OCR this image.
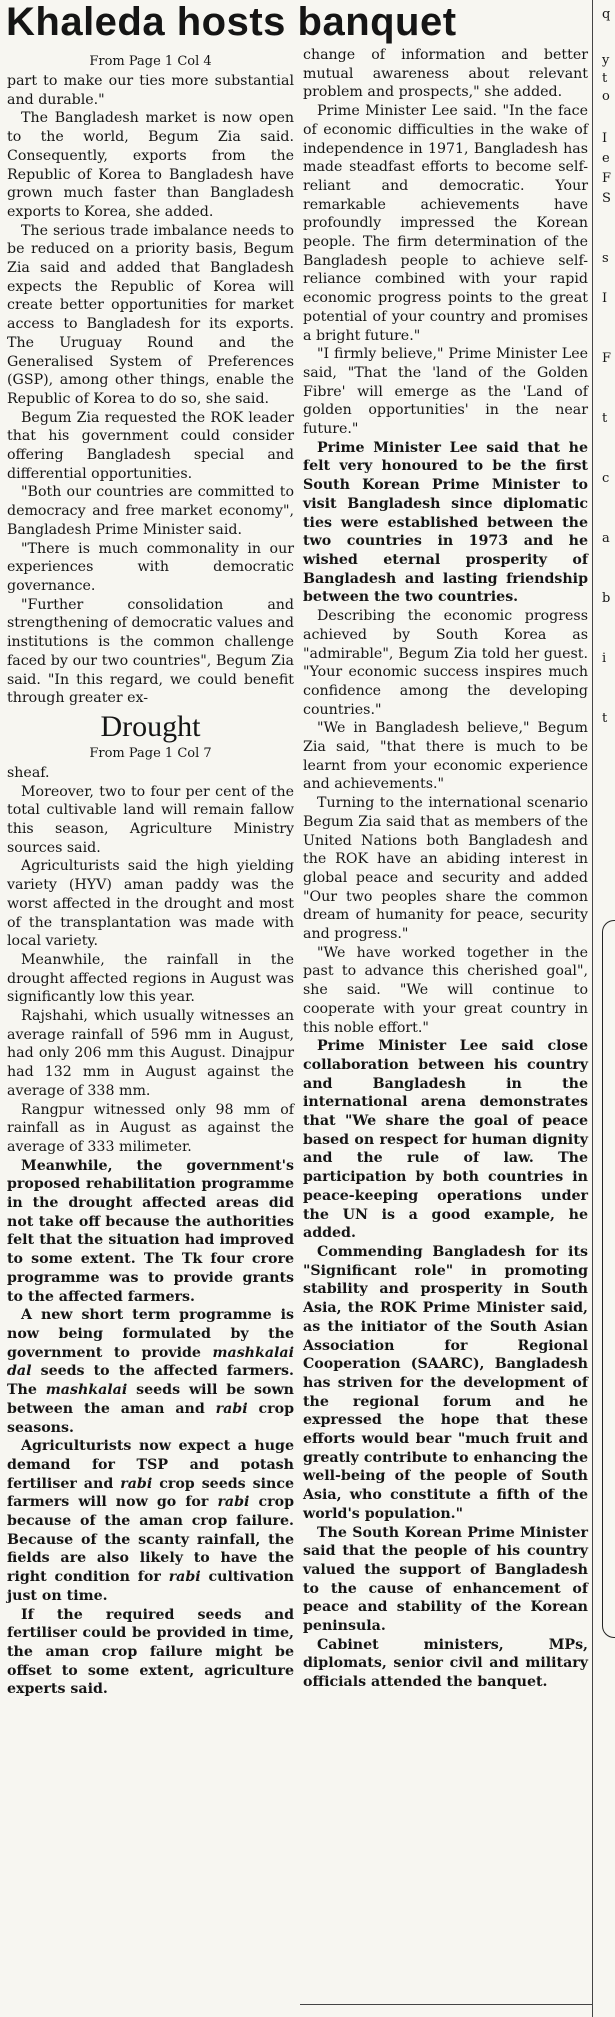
Khaleda hosts banquet

From Page 1 Col 4

part to make our ties more substantial and durable."

The Bangladesh market is now open to the world, Begum Zia said. Consequently, exports from the Republic of Korea to Bangladesh have grown much faster than Bangladesh exports to Korea, she added.

The serious trade imbalance needs to be reduced on a priority basis, Begum Zia said and added that Bangladesh expects the Republic of Korea will create better opportunities for market access to Bangladesh for its exports. The Uruguay Round and the Generalised System of Preferences (GSP), among other things, enable the Republic of Korea to do so, she said.

Begum Zia requested the ROK leader that his government could consider offering Bangladesh special and differential opportunities.

"Both our countries are committed to democracy and free market economy", Bangladesh Prime Minister said.

"There is much commonality in our experiences with democratic governance.

"Further consolidation and strengthening of democratic values and institutions is the common challenge faced by our two countries", Begum Zia said. "In this regard, we could benefit through greater ex-

Drought

From Page 1 Col 7

sheaf.

Moreover, two to four per cent of the total cultivable land will remain fallow this season, Agriculture Ministry sources said.

Agriculturists said the high yielding variety (HYV) aman paddy was the worst affected in the drought and most of the transplantation was made with local variety.

Meanwhile, the rainfall in the drought affected regions in August was significantly low this year.

Rajshahi, which usually witnesses an average rainfall of 596 mm in August, had only 206 mm this August. Dinajpur had 132 mm in August against the average of 338 mm.

Rangpur witnessed only 98 mm of rainfall as in August as against the average of 333 milimeter.

Meanwhile, the government's proposed rehabilitation programme in the drought affected areas did not take off because the authorities felt that the situation had improved to some extent. The Tk four crore programme was to provide grants to the affected farmers.

A new short term programme is now being formulated by the government to provide mashkalai dal seeds to the affected farmers. The mashkalai seeds will be sown between the aman and rabi crop seasons.

Agriculturists now expect a huge demand for TSP and potash fertiliser and rabi crop seeds since farmers will now go for rabi crop because of the aman crop failure. Because of the scanty rainfall, the fields are also likely to have the right condition for rabi cultivation just on time.

If the required seeds and fertiliser could be provided in time, the aman crop failure might be offset to some extent, agriculture experts said.

change of information and better mutual awareness about relevant problem and prospects," she added.

Prime Minister Lee said. "In the face of economic difficulties in the wake of independence in 1971, Bangladesh has made steadfast efforts to become self-reliant and democratic. Your remarkable achievements have profoundly impressed the Korean people. The firm determination of the Bangladesh people to achieve self-reliance combined with your rapid economic progress points to the great potential of your country and promises a bright future."

"I firmly believe," Prime Minister Lee said, "That the 'land of the Golden Fibre' will emerge as the 'Land of golden opportunities' in the near future."

Prime Minister Lee said that he felt very honoured to be the first South Korean Prime Minister to visit Bangladesh since diplomatic ties were established between the two countries in 1973 and he wished eternal prosperity of Bangladesh and lasting friendship between the two countries.

Describing the economic progress achieved by South Korea as "admirable", Begum Zia told her guest. "Your economic success inspires much confidence among the developing countries."

"We in Bangladesh believe," Begum Zia said, "that there is much to be learnt from your economic experience and achievements."

Turning to the international scenario Begum Zia said that as members of the United Nations both Bangladesh and the ROK have an abiding interest in global peace and security and added "Our two peoples share the common dream of humanity for peace, security and progress."

"We have worked together in the past to advance this cherished goal", she said. "We will continue to cooperate with your great country in this noble effort."

Prime Minister Lee said close collaboration between his country and Bangladesh in the international arena demonstrates that "We share the goal of peace based on respect for human dignity and the rule of law. The participation by both countries in peace-keeping operations under the UN is a good example, he added.

Commending Bangladesh for its "Significant role" in promoting stability and prosperity in South Asia, the ROK Prime Minister said, as the initiator of the South Asian Association for Regional Cooperation (SAARC), Bangladesh has striven for the development of the regional forum and he expressed the hope that these efforts would bear "much fruit and greatly contribute to enhancing the well-being of the people of South Asia, who constitute a fifth of the world's population."

The South Korean Prime Minister said that the people of his country valued the support of Bangladesh to the cause of enhancement of peace and stability of the Korean peninsula.

Cabinet ministers, MPs, diplomats, senior civil and military officials attended the banquet.

q
y
t
o
I
e
F
S
s
I
F
t
c
a
b
i
t
